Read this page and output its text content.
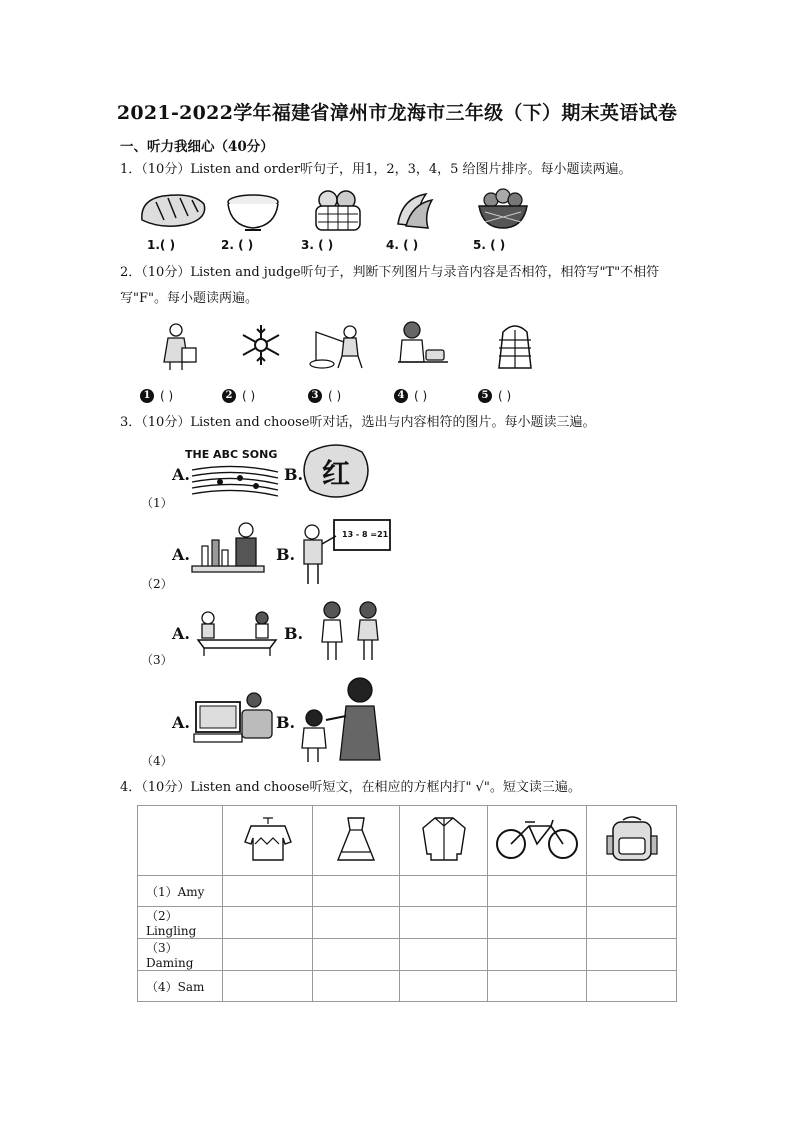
2021-2022学年福建省漳州市龙海市三年级（下）期末英语试卷
一、听力我细心（40分）
1．（10分）Listen and order听句子，用1，2，3，4，5 给图片排序。每小题读两遍。
1.( )	2. ( )	3. ( )	4. ( )	5. ( )
2．（10分）Listen and judge听句子，判断下列图片与录音内容是否相符，相符写"T"不相符写"F"。每小题读两遍。
1 ( )	2 ( )	3 ( )	4 ( )	5 ( )
3．（10分）Listen and choose听对话，选出与内容相符的图片。每小题读三遍。
A.
THE ABC SONG
B. 红
（1）
A.	B.
13 - 8 =21
（2）
A.	B.
（3）
A.	B.
（4）
4．（10分）Listen and choose听短文，在相应的方框内打" √"。短文读三遍。

（1）Amy					
（2）Lingling					
（3）Daming					
（4）Sam					
